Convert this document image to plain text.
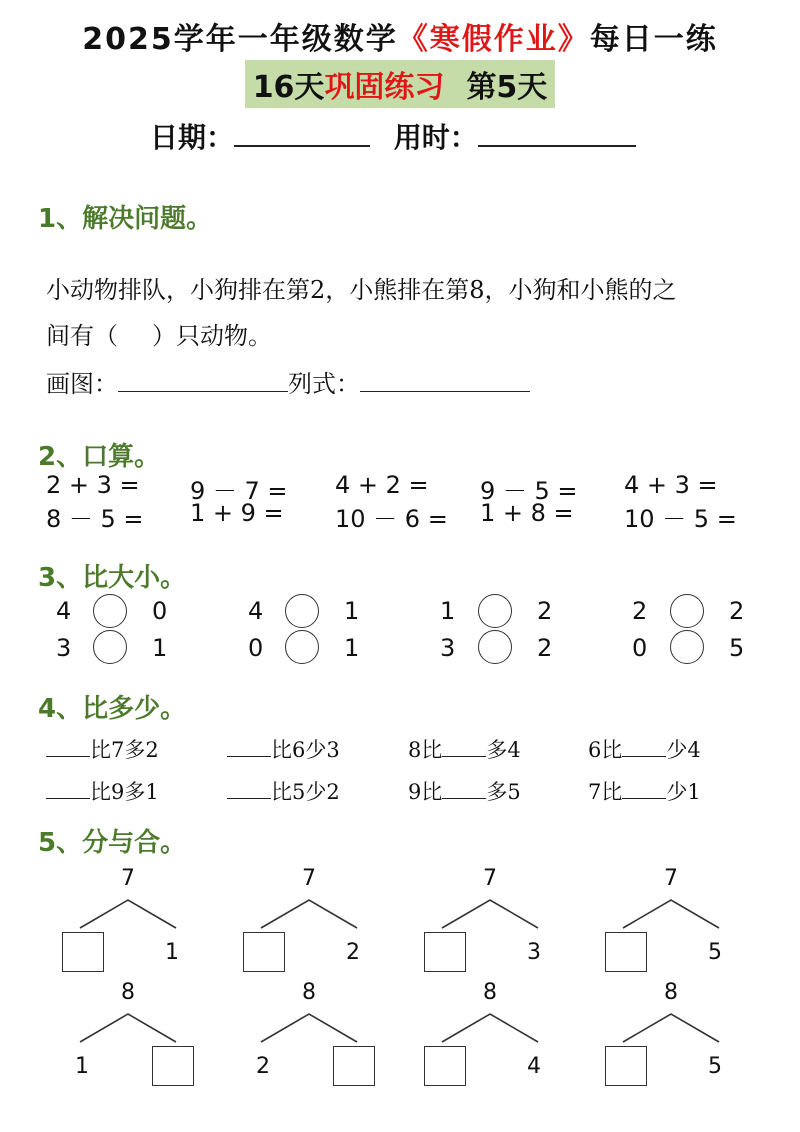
2025学年一年级数学《寒假作业》每日一练
16天巩固练习 第5天
日期：	用时：
1、解决问题。
小动物排队，小狗排在第2，小熊排在第8，小狗和小熊的之
间有（ ）只动物。
画图：	列式：
2、口算。
2 + 3 = 9 － 7 = 4 + 2 = 9 － 5 = 4 + 3 =
8 － 5 = 1 + 9 = 10 － 6 = 1 + 8 = 10 － 5 =
3、比大小。
4	0	4	1	1	2	2	2
3	1	0	1	3	2	0	5
4、比多少。
比7多2	比6少3	8比 多4	6比 少4
比9多1	比5少2	9比 多5	7比 少1
5、分与合。
7
1
7
2
7
3
7
5
8
1
8
2
8
4
8
5
